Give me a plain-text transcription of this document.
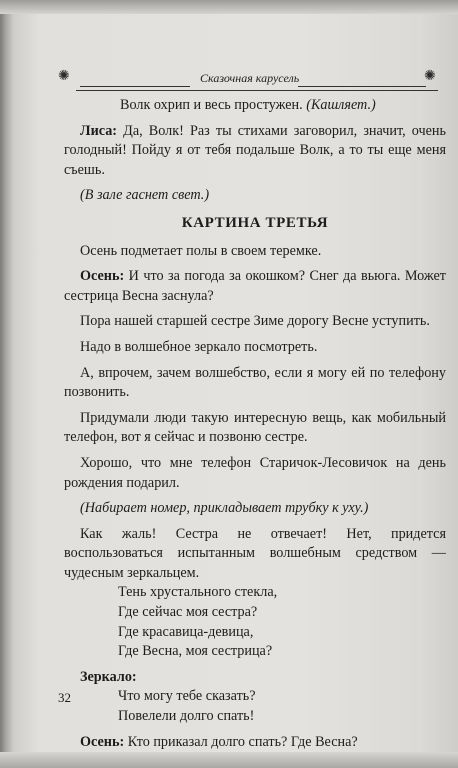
✺	Сказочная карусель	✺

Волк охрип и весь простужен. (Кашляет.)

Лиса: Да, Волк! Раз ты стихами заговорил, значит, очень голодный! Пойду я от тебя подальше Волк, а то ты еще меня съешь.

(В зале гаснет свет.)

КАРТИНА ТРЕТЬЯ

Осень подметает полы в своем теремке.

Осень: И что за погода за окошком? Снег да вьюга. Может сестрица Весна заснула?

Пора нашей старшей сестре Зиме дорогу Весне уступить.

Надо в волшебное зеркало посмотреть.

А, впрочем, зачем волшебство, если я могу ей по телефону позвонить.

Придумали люди такую интересную вещь, как мобильный телефон, вот я сейчас и позвоню сестре.

Хорошо, что мне телефон Старичок-Лесовичок на день рождения подарил.

(Набирает номер, прикладывает трубку к уху.)

Как жаль! Сестра не отвечает! Нет, придется воспользоваться испытанным волшебным средством — чудесным зеркальцем.

Тень хрустального стекла,
Где сейчас моя сестра?
Где красавица-девица,
Где Весна, моя сестрица?

Зеркало:

Что могу тебе сказать?
Повелели долго спать!

Осень: Кто приказал долго спать? Где Весна?

32
